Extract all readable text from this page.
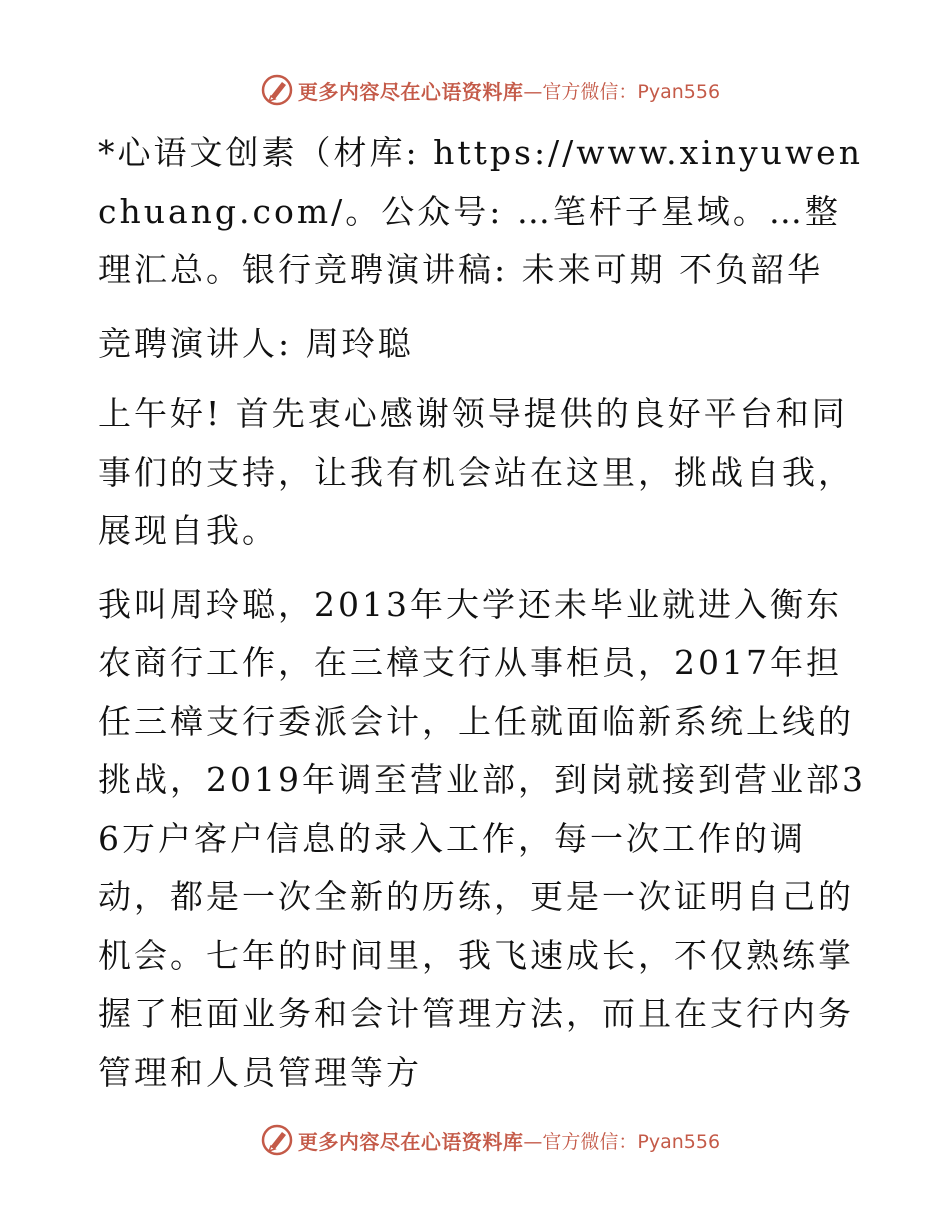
更多内容尽在心语资料库 —官方微信：Pyan556

*心语文创素（材库: https://www.xinyuwenchuang.com/。公众号: …笔杆子星域。…整理汇总。银行竞聘演讲稿: 未来可期 不负韶华

竞聘演讲人: 周玲聪

上午好! 首先衷心感谢领导提供的良好平台和同事们的支持，让我有机会站在这里，挑战自我，展现自我。

我叫周玲聪，2013年大学还未毕业就进入衡东农商行工作，在三樟支行从事柜员，2017年担任三樟支行委派会计，上任就面临新系统上线的挑战，2019年调至营业部，到岗就接到营业部36万户客户信息的录入工作，每一次工作的调动，都是一次全新的历练，更是一次证明自己的机会。七年的时间里，我飞速成长，不仅熟练掌握了柜面业务和会计管理方法，而且在支行内务管理和人员管理等方

更多内容尽在心语资料库 —官方微信：Pyan556
